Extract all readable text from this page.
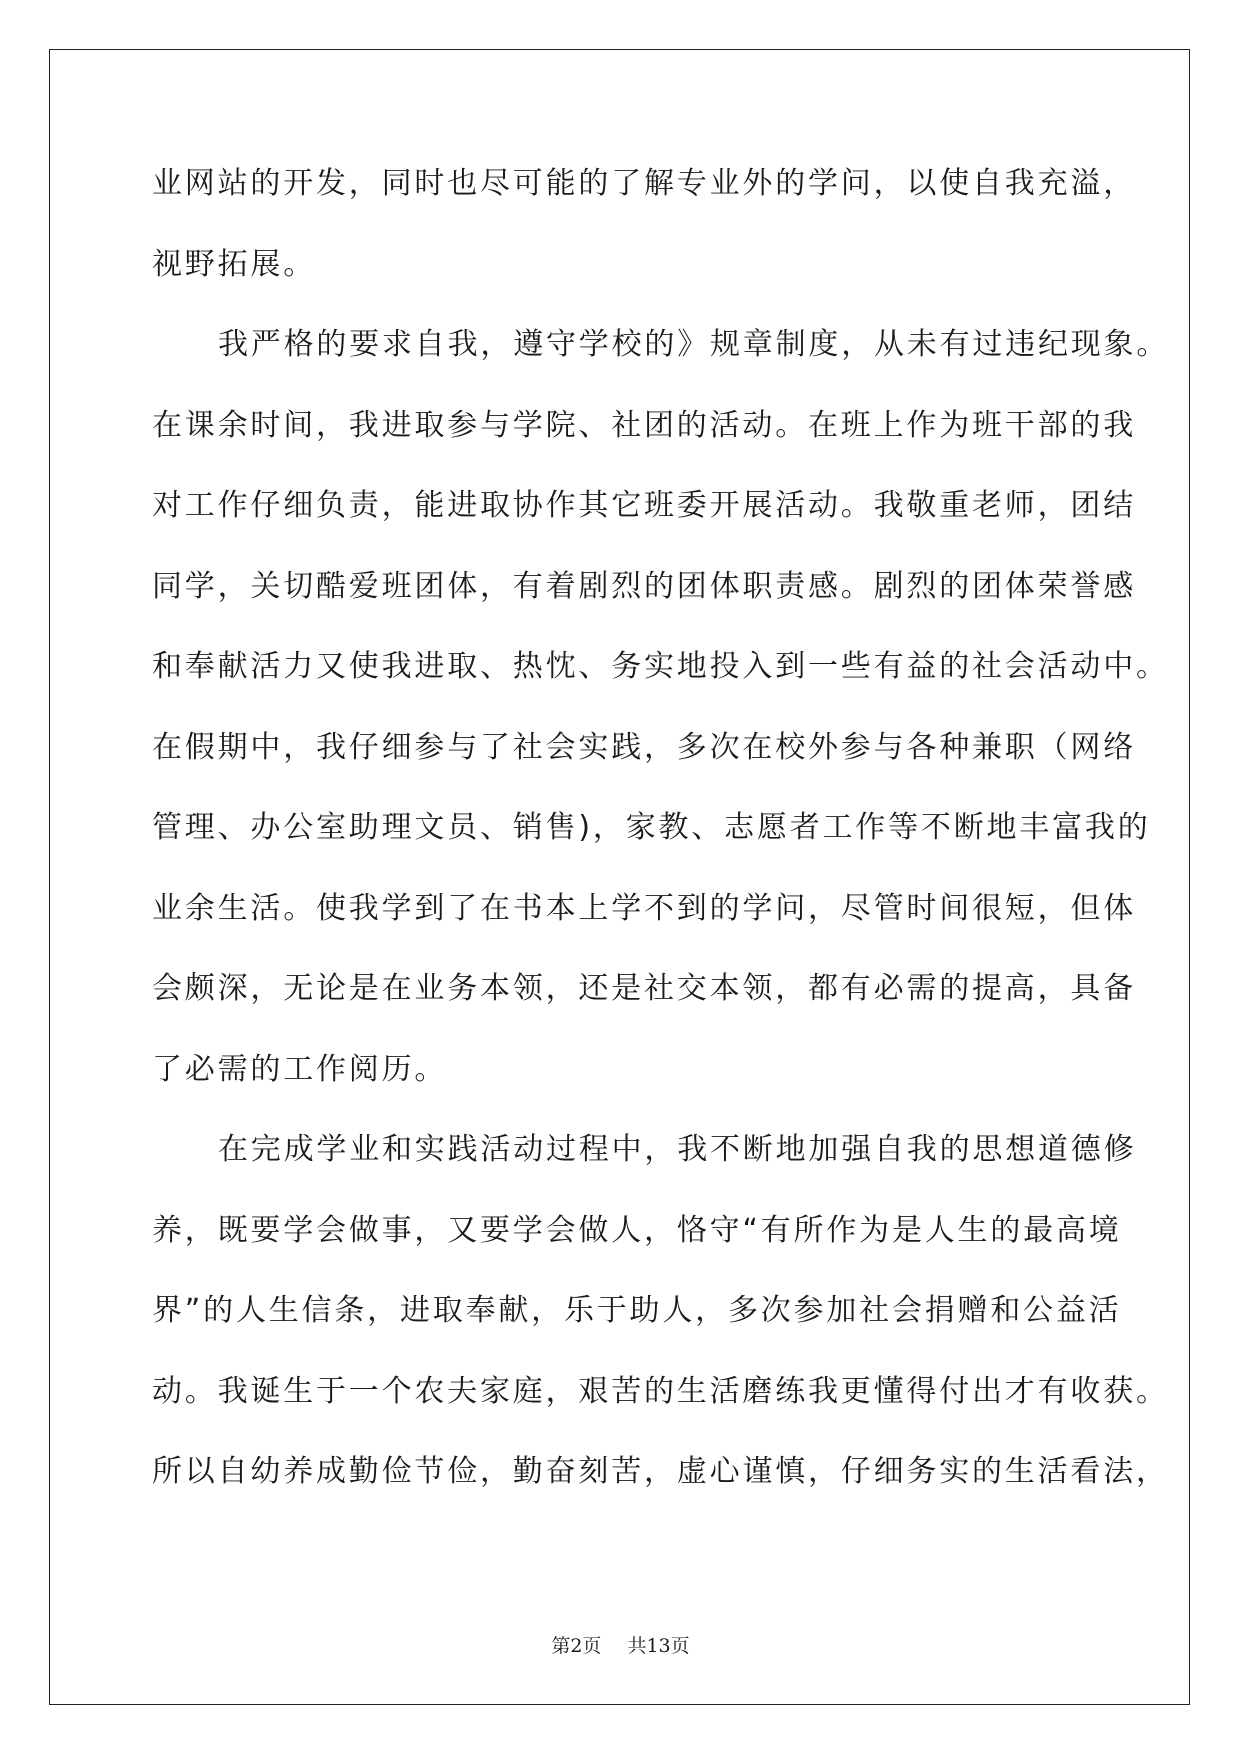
业网站的开发，同时也尽可能的了解专业外的学问，以使自我充溢，
视野拓展。
我严格的要求自我，遵守学校的》规章制度，从未有过违纪现象。
在课余时间，我进取参与学院、社团的活动。在班上作为班干部的我
对工作仔细负责，能进取协作其它班委开展活动。我敬重老师，团结
同学，关切酷爱班团体，有着剧烈的团体职责感。剧烈的团体荣誉感
和奉献活力又使我进取、热忱、务实地投入到一些有益的社会活动中。
在假期中，我仔细参与了社会实践，多次在校外参与各种兼职（网络
管理、办公室助理文员、销售)，家教、志愿者工作等不断地丰富我的
业余生活。使我学到了在书本上学不到的学问，尽管时间很短，但体
会颇深，无论是在业务本领，还是社交本领，都有必需的提高，具备
了必需的工作阅历。
在完成学业和实践活动过程中，我不断地加强自我的思想道德修
养，既要学会做事，又要学会做人，恪守“有所作为是人生的最高境
界”的人生信条，进取奉献，乐于助人，多次参加社会捐赠和公益活
动。我诞生于一个农夫家庭，艰苦的生活磨练我更懂得付出才有收获。
所以自幼养成勤俭节俭，勤奋刻苦，虚心谨慎，仔细务实的生活看法，
第2页 共13页
